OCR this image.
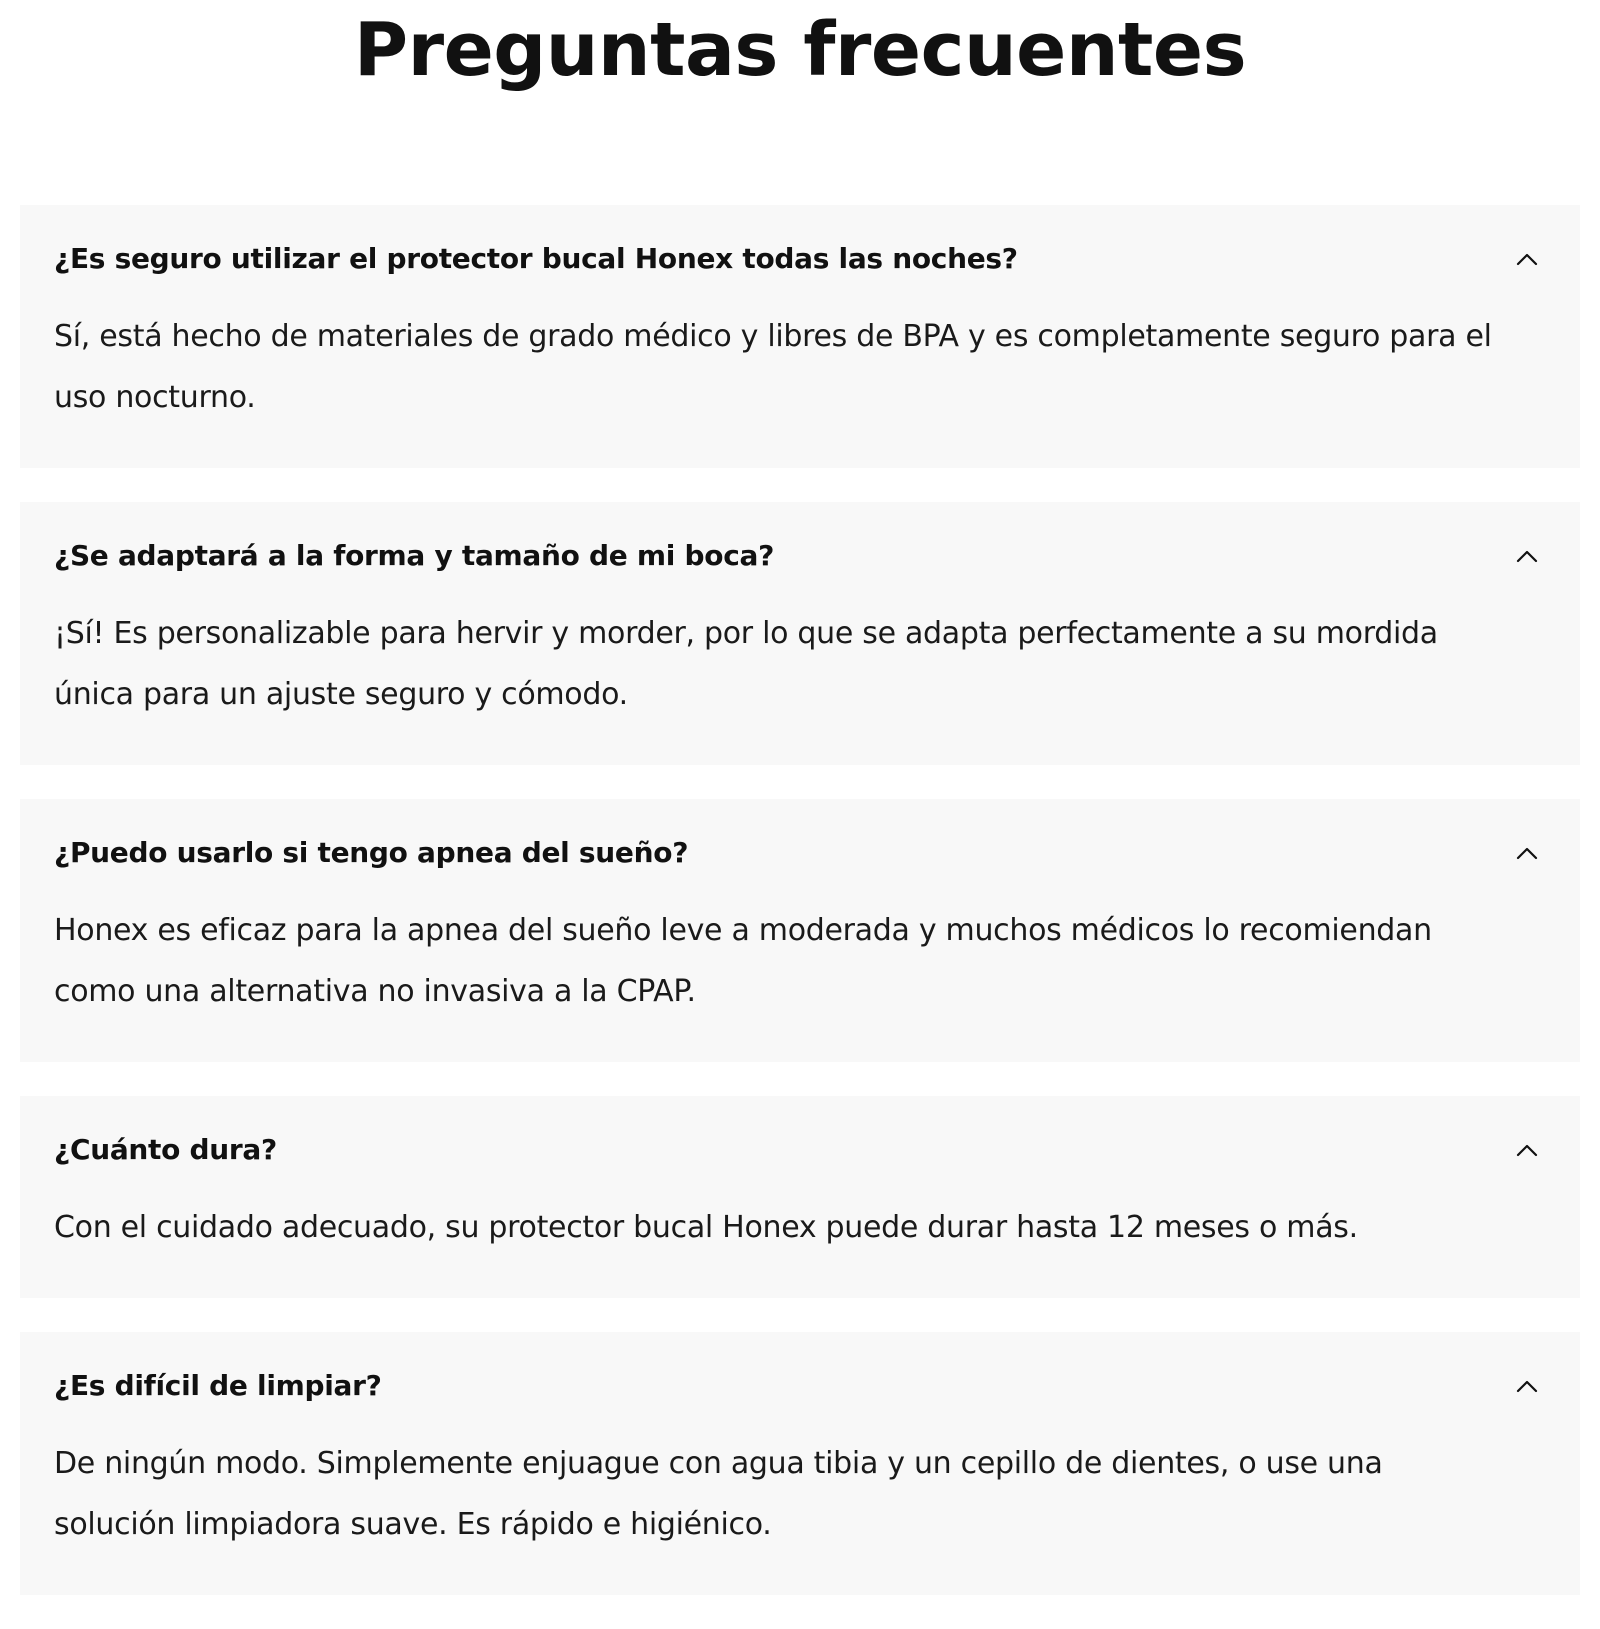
Preguntas frecuentes
¿Es seguro utilizar el protector bucal Honex todas las noches?
Sí, está hecho de materiales de grado médico y libres de BPA y es completamente seguro para el uso nocturno.
¿Se adaptará a la forma y tamaño de mi boca?
¡Sí! Es personalizable para hervir y morder, por lo que se adapta perfectamente a su mordida única para un ajuste seguro y cómodo.
¿Puedo usarlo si tengo apnea del sueño?
Honex es eficaz para la apnea del sueño leve a moderada y muchos médicos lo recomiendan como una alternativa no invasiva a la CPAP.
¿Cuánto dura?
Con el cuidado adecuado, su protector bucal Honex puede durar hasta 12 meses o más.
¿Es difícil de limpiar?
De ningún modo. Simplemente enjuague con agua tibia y un cepillo de dientes, o use una solución limpiadora suave. Es rápido e higiénico.
